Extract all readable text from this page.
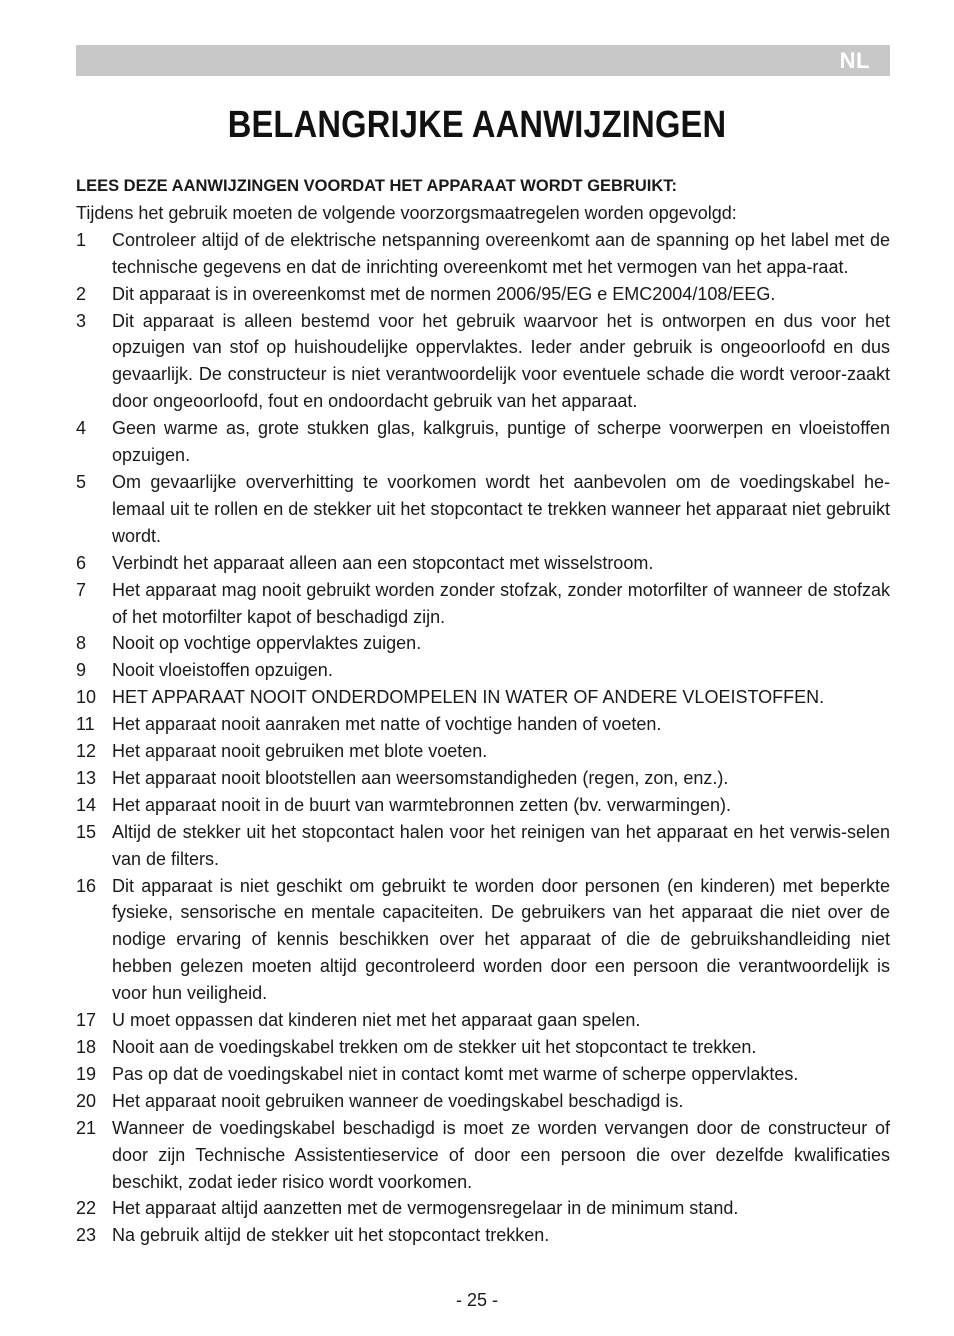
NL
BELANGRIJKE AANWIJZINGEN

LEES DEZE AANWIJZINGEN VOORDAT HET APPARAAT WORDT GEBRUIKT:

Tijdens het gebruik moeten de volgende voorzorgsmaatregelen worden opgevolgd:

1	Controleer altijd of de elektrische netspanning overeenkomt aan de spanning op het label met de technische gegevens en dat de inrichting overeenkomt met het vermogen van het appa-raat.
2	Dit apparaat is in overeenkomst met de normen 2006/95/EG e EMC2004/108/EEG.
3	Dit apparaat is alleen bestemd voor het gebruik waarvoor het is ontworpen en dus voor het opzuigen van stof op huishoudelijke oppervlaktes. Ieder ander gebruik is ongeoorloofd en dus gevaarlijk. De constructeur is niet verantwoordelijk voor eventuele schade die wordt veroor-zaakt door ongeoorloofd, fout en ondoordacht gebruik van het apparaat.
4	Geen warme as, grote stukken glas, kalkgruis, puntige of scherpe voorwerpen en vloeistoffen opzuigen.
5	Om gevaarlijke oververhitting te voorkomen wordt het aanbevolen om de voedingskabel he-lemaal uit te rollen en de stekker uit het stopcontact te trekken wanneer het apparaat niet gebruikt wordt.
6	Verbindt het apparaat alleen aan een stopcontact met wisselstroom.
7	Het apparaat mag nooit gebruikt worden zonder stofzak, zonder motorfilter of wanneer de stofzak of het motorfilter kapot of beschadigd zijn.
8	Nooit op vochtige oppervlaktes zuigen.
9	Nooit vloeistoffen opzuigen.
10 HET APPARAAT NOOIT ONDERDOMPELEN IN WATER OF ANDERE VLOEISTOFFEN.
11 Het apparaat nooit aanraken met natte of vochtige handen of voeten.
12 Het apparaat nooit gebruiken met blote voeten.
13 Het apparaat nooit blootstellen aan weersomstandigheden (regen, zon, enz.).
14 Het apparaat nooit in de buurt van warmtebronnen zetten (bv. verwarmingen).
15 Altijd de stekker uit het stopcontact halen voor het reinigen van het apparaat en het verwis-selen van de filters.
16 Dit apparaat is niet geschikt om gebruikt te worden door personen (en kinderen) met beperkte fysieke, sensorische en mentale capaciteiten. De gebruikers van het apparaat die niet over de nodige ervaring of kennis beschikken over het apparaat of die de gebruikshandleiding niet hebben gelezen moeten altijd gecontroleerd worden door een persoon die verantwoordelijk is voor hun veiligheid.
17 U moet oppassen dat kinderen niet met het apparaat gaan spelen.
18 Nooit aan de voedingskabel trekken om de stekker uit het stopcontact te trekken.
19 Pas op dat de voedingskabel niet in contact komt met warme of scherpe oppervlaktes.
20 Het apparaat nooit gebruiken wanneer de voedingskabel beschadigd is.
21 Wanneer de voedingskabel beschadigd is moet ze worden vervangen door de constructeur of door zijn Technische Assistentieservice of door een persoon die over dezelfde kwalificaties beschikt, zodat ieder risico wordt voorkomen.
22 Het apparaat altijd aanzetten met de vermogensregelaar in de minimum stand.
23 Na gebruik altijd de stekker uit het stopcontact trekken.
- 25 -
